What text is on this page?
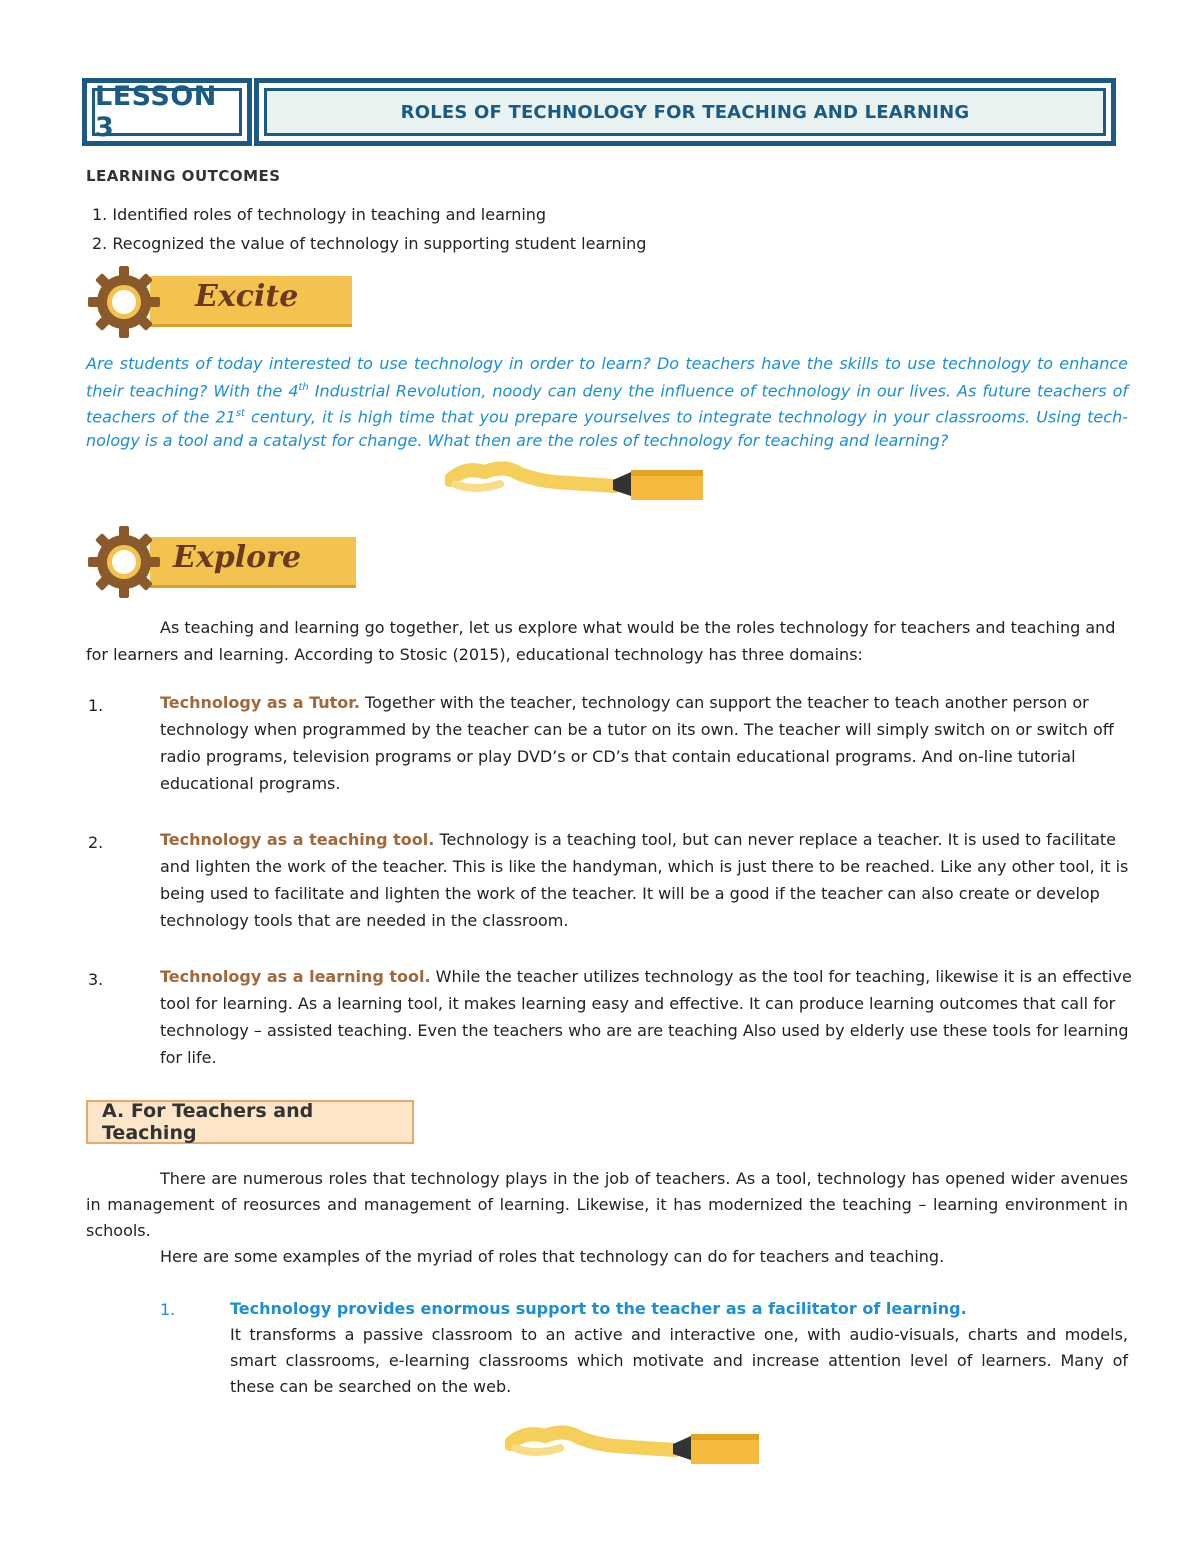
LESSON 3	ROLES OF TECHNOLOGY FOR TEACHING AND LEARNING
LEARNING OUTCOMES
1. Identified roles of technology in teaching and learning
2. Recognized the value of technology in supporting student learning
Excite
Are students of today interested to use technology in order to learn? Do teachers have the skills to use technology to enhance their teaching? With the 4th Industrial Revolution, noody can deny the influence of technology in our lives. As future teachers of teachers of the 21st century, it is high time that you prepare yourselves to integrate technology in your classrooms. Using tech-nology is a tool and a catalyst for change. What then are the roles of technology for teaching and learning?
Explore
As teaching and learning go together, let us explore what would be the roles technology for teachers and teaching and for learners and learning. According to Stosic (2015), educational technology has three domains:
1.	Technology as a Tutor. Together with the teacher, technology can support the teacher to teach another person or technology when programmed by the teacher can be a tutor on its own. The teacher will simply switch on or switch off radio programs, television programs or play DVD’s or CD’s that contain educational programs. And on-line tutorial educational programs.
2.	Technology as a teaching tool. Technology is a teaching tool, but can never replace a teacher. It is used to facilitate and lighten the work of the teacher. This is like the handyman, which is just there to be reached. Like any other tool, it is being used to facilitate and lighten the work of the teacher. It will be a good if the teacher can also create or develop technology tools that are needed in the classroom.
3.	Technology as a learning tool. While the teacher utilizes technology as the tool for teaching, likewise it is an effective tool for learning. As a learning tool, it makes learning easy and effective. It can produce learning outcomes that call for technology – assisted teaching. Even the teachers who are are teaching Also used by elderly use these tools for learning for life.
A. For Teachers and Teaching
There are numerous roles that technology plays in the job of teachers. As a tool, technology has opened wider avenues in management of reosurces and management of learning. Likewise, it has modernized the teaching – learning environment in schools.
Here are some examples of the myriad of roles that technology can do for teachers and teaching.
1.	Technology provides enormous support to the teacher as a facilitator of learning.
It transforms a passive classroom to an active and interactive one, with audio-visuals, charts and models, smart classrooms, e-learning classrooms which motivate and increase attention level of learners. Many of these can be searched on the web.
